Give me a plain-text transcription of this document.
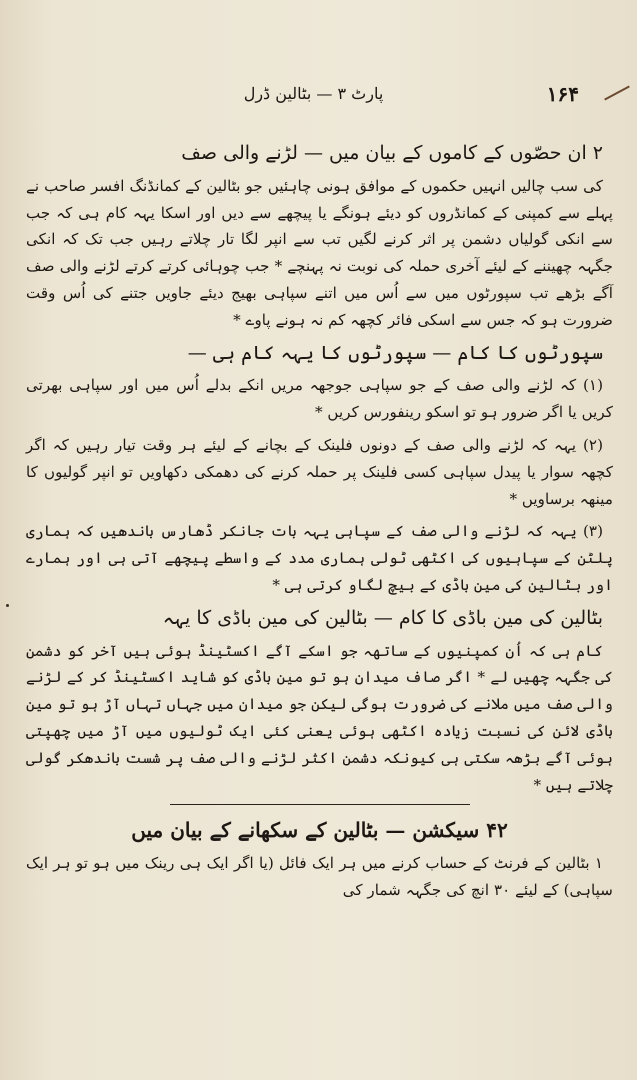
۱۶۴
پارٹ ۳ — بٹالین ڈرل

۲ ان حصّوں کے کاموں کے بیان میں — لڑنے والی صف

کی سب چالیں انہیں حکموں کے موافق ہونی چاہئیں جو بٹالین کے کمانڈنگ افسر صاحب نے پہلے سے کمپنی کے کمانڈروں کو دیئے ہونگے یا پیچھے سے دیں اور اسکا یہہ کام ہی کہ جب سے انکی گولیاں دشمن پر اثر کرنے لگیں تب سے انپر لگا تار چلاتے رہیں جب تک کہ انکی جگہہ چھیننے کے لیئے آخری حملہ کی نوبت نہ پہنچے * جب چوہائی کرتے کرتے لڑنے والی صف آگے بڑھے تب سپورٹوں میں سے اُس میں اتنے سپاہی بھیج دیئے جاویں جتنے کی اُس وقت ضرورت ہو کہ جس سے اسکی فائر کچھہ کم نہ ہونے پاوے *

سپورٹوں کا کام — سپورٹوں کا یہہ کام ہی —

(۱) کہ لڑنے والی صف کے جو سپاہی جوجھہ مریں انکے بدلے اُس میں اور سپاہی بھرتی کریں یا اگر ضرور ہو تو اسکو رینفورس کریں *

(۲) یہہ کہ لڑنے والی صف کے دونوں فلینک کے بچانے کے لیئے ہر وقت تیار رہیں کہ اگر کچھہ سوار یا پیدل سپاہی کسی فلینک پر حملہ کرنے کی دھمکی دکھاویں تو انپر گولیوں کا مینھہ برساویں *

(۳) یہہ کہ لڑنے والی صف کے سپاہی یہہ بات جانکر ڈھارس باندھیں کہ ہماری پلٹن کے سپاہیوں کی اکٹھی ٹولی ہماری مدد کے واسطے پیچھے آتی ہی اور ہمارے اور بٹالین کی مین باڈی کے بیچ لگاو کرتی ہی *

بٹالین کی مین باڈی کا کام — بٹالین کی مین باڈی کا یہہ

کام ہی کہ اُن کمپنیوں کے ساتھہ جو اسکے آگے اکسٹینڈ ہوئی ہیں آخر کو دشمن کی جگہہ چھیں لے * اگر صاف میدان ہو تو مین باڈی کو شاید اکسٹینڈ کر کے لڑنے والی صف میں ملانے کی ضرورت ہوگی لیکن جو میدان میں جہاں تہاں آڑ ہو تو مین باڈی لائن کی نسبت زیادہ اکٹھی ہوئی یعنی کئی ایک ٹولیوں میں آڑ میں چھپتی ہوئی آگے بڑھہ سکتی ہی کیونکہ دشمن اکثر لڑنے والی صف پر شست باندھکر گولی چلاتے ہیں *

۴۲ سیکشن — بٹالین کے سکھانے کے بیان میں

۱ بٹالین کے فرنٹ کے حساب کرنے میں ہر ایک فائل (یا اگر ایک ہی رینک میں ہو تو ہر ایک سپاہی) کے لیئے ۳۰ انچ کی جگہہ شمار کی
